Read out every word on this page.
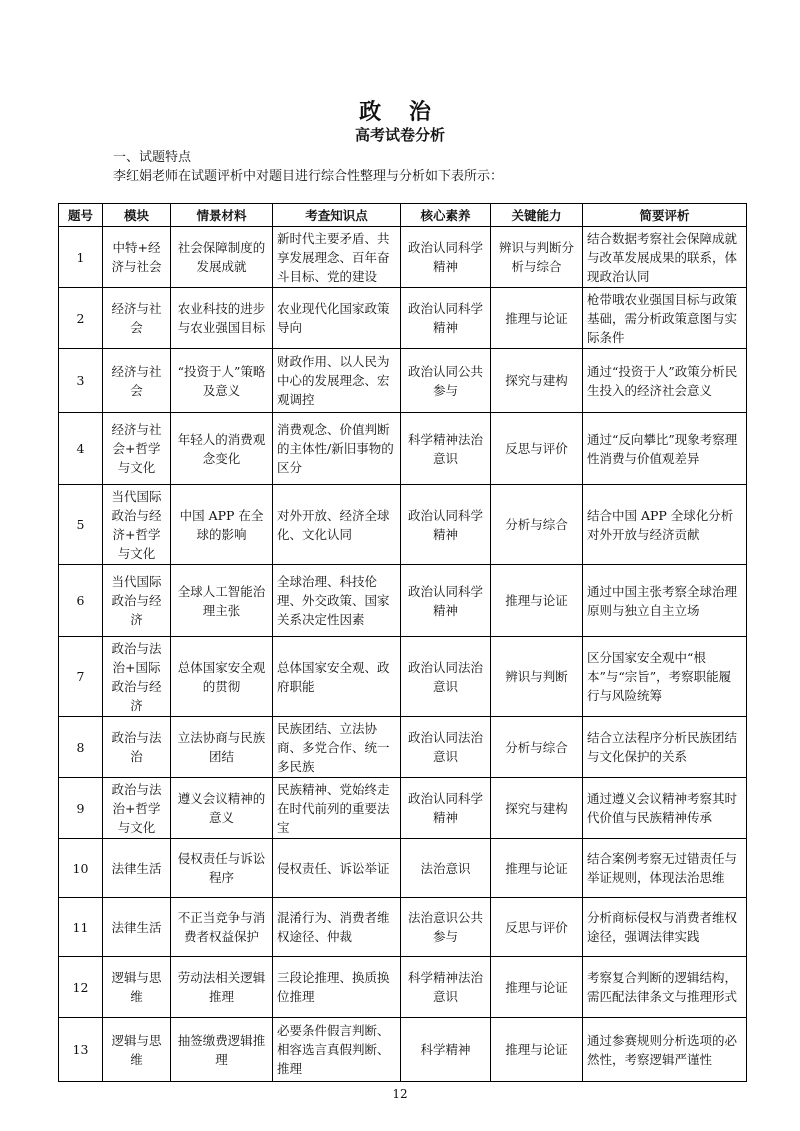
政 治
高考试卷分析
一、试题特点
李红娟老师在试题评析中对题目进行综合性整理与分析如下表所示：
题号	模块	情景材料	考查知识点	核心素养	关键能力	简要评析
1	中特+经济与社会	社会保障制度的发展成就	新时代主要矛盾、共享发展理念、百年奋斗目标、党的建设	政治认同科学精神	辨识与判断分析与综合	结合数据考察社会保障成就与改革发展成果的联系，体现政治认同
2	经济与社会	农业科技的进步与农业强国目标	农业现代化国家政策导向	政治认同科学精神	推理与论证	枪带哦农业强国目标与政策基础，需分析政策意图与实际条件
3	经济与社会	“投资于人”策略及意义	财政作用、以人民为中心的发展理念、宏观调控	政治认同公共参与	探究与建构	通过“投资于人”政策分析民生投入的经济社会意义
4	经济与社会+哲学与文化	年轻人的消费观念变化	消费观念、价值判断的主体性/新旧事物的区分	科学精神法治意识	反思与评价	通过“反向攀比”现象考察理性消费与价值观差异
5	当代国际政治与经济+哲学与文化	中国 APP 在全球的影响	对外开放、经济全球化、文化认同	政治认同科学精神	分析与综合	结合中国 APP 全球化分析对外开放与经济贡献
6	当代国际政治与经济	全球人工智能治理主张	全球治理、科技伦理、外交政策、国家关系决定性因素	政治认同科学精神	推理与论证	通过中国主张考察全球治理原则与独立自主立场
7	政治与法治+国际政治与经济	总体国家安全观的贯彻	总体国家安全观、政府职能	政治认同法治意识	辨识与判断	区分国家安全观中“根本”与“宗旨”，考察职能履行与风险统筹
8	政治与法治	立法协商与民族团结	民族团结、立法协商、多党合作、统一多民族	政治认同法治意识	分析与综合	结合立法程序分析民族团结与文化保护的关系
9	政治与法治+哲学与文化	遵义会议精神的意义	民族精神、党始终走在时代前列的重要法宝	政治认同科学精神	探究与建构	通过遵义会议精神考察其时代价值与民族精神传承
10	法律生活	侵权责任与诉讼程序	侵权责任、诉讼举证	法治意识	推理与论证	结合案例考察无过错责任与举证规则，体现法治思维
11	法律生活	不正当竞争与消费者权益保护	混淆行为、消费者维权途径、仲裁	法治意识公共参与	反思与评价	分析商标侵权与消费者维权途径，强调法律实践
12	逻辑与思维	劳动法相关逻辑推理	三段论推理、换质换位推理	科学精神法治意识	推理与论证	考察复合判断的逻辑结构，需匹配法律条文与推理形式
13	逻辑与思维	抽签缴费逻辑推理	必要条件假言判断、相容选言真假判断、推理	科学精神	推理与论证	通过参赛规则分析选项的必然性，考察逻辑严谨性
12
